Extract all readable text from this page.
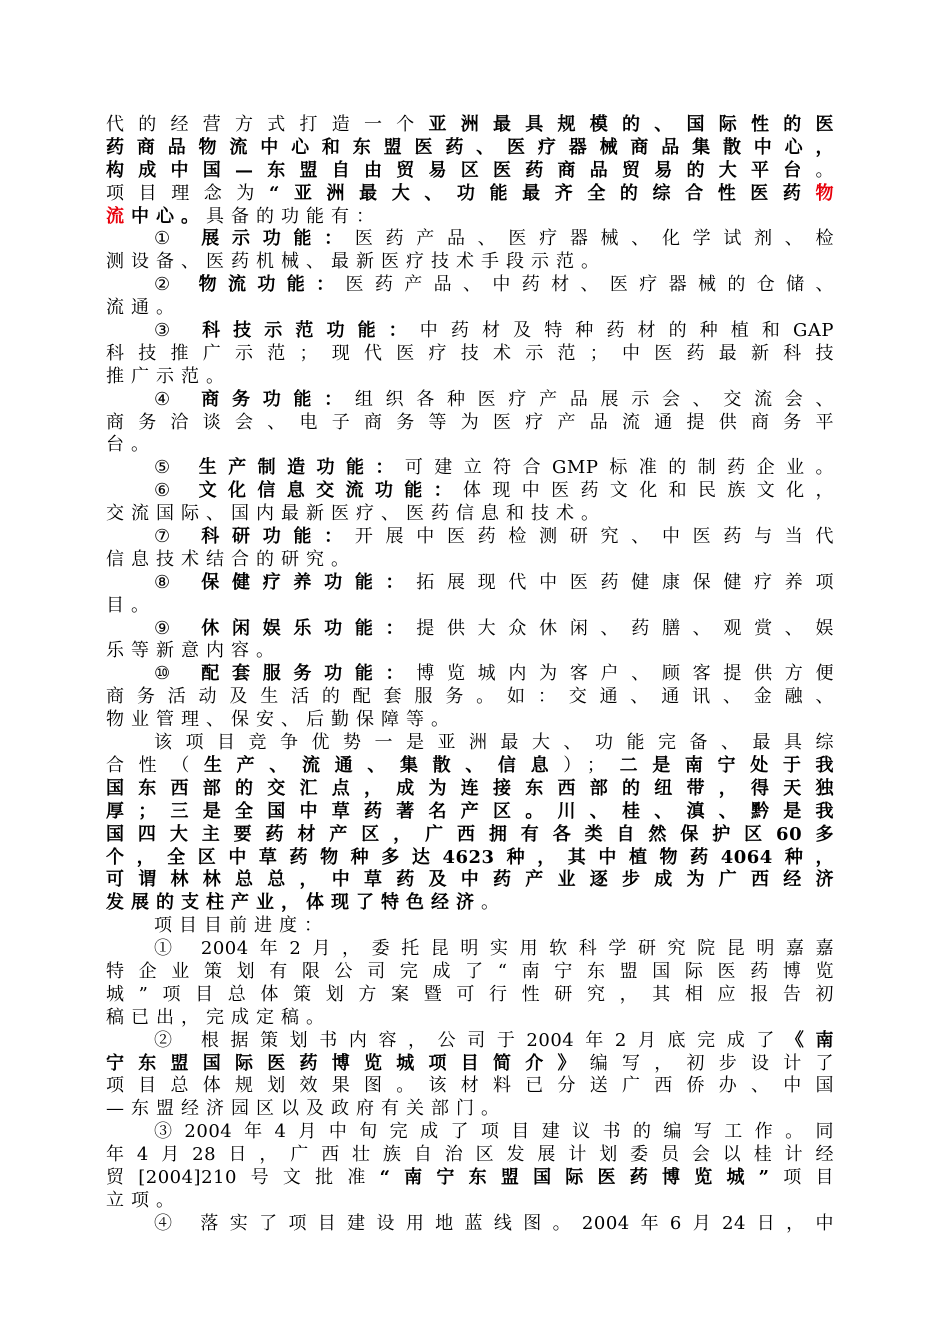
代的经营方式打造一个亚洲最具规模的、国际性的医
药商品物流中心和东盟医药、医疗器械商品集散中心，
构成中国—东盟自由贸易区医药商品贸易的大平台。
项目理念为“亚洲最大、功能最齐全的综合性医药物
流中心。具备的功能有：
① 展示功能：医药产品、医疗器械、化学试剂、检
测设备、医药机械、最新医疗技术手段示范。
② 物流功能：医药产品、中药材、医疗器械的仓储、
流通。
③ 科技示范功能：中药材及特种药材的种植和GAP
科技推广示范；现代医疗技术示范；中医药最新科技
推广示范。
④ 商务功能：组织各种医疗产品展示会、交流会、
商务洽谈会、电子商务等为医疗产品流通提供商务平
台。
⑤ 生产制造功能：可建立符合GMP标准的制药企业。
⑥ 文化信息交流功能：体现中医药文化和民族文化，
交流国际、国内最新医疗、医药信息和技术。
⑦ 科研功能：开展中医药检测研究、中医药与当代
信息技术结合的研究。
⑧ 保健疗养功能：拓展现代中医药健康保健疗养项
目。
⑨ 休闲娱乐功能：提供大众休闲、药膳、观赏、娱
乐等新意内容。
⑩ 配套服务功能：博览城内为客户、顾客提供方便
商务活动及生活的配套服务。如：交通、通讯、金融、
物业管理、保安、后勤保障等。
该项目竞争优势一是亚洲最大、功能完备、最具综
合性（生产、流通、集散、信息）；二是南宁处于我
国东西部的交汇点，成为连接东西部的纽带，得天独
厚；三是全国中草药著名产区。川、桂、滇、黔是我
国四大主要药材产区，广西拥有各类自然保护区60多
个，全区中草药物种多达4623种，其中植物药4064种，
可谓林林总总，中草药及中药产业逐步成为广西经济
发展的支柱产业，体现了特色经济。
项目目前进度：
① 2004年2月，委托昆明实用软科学研究院昆明嘉嘉
特企业策划有限公司完成了“南宁东盟国际医药博览
城”项目总体策划方案暨可行性研究，其相应报告初
稿已出，完成定稿。
② 根据策划书内容，公司于2004年2月底完成了《南
宁东盟国际医药博览城项目简介》编写，初步设计了
项目总体规划效果图。该材料已分送广西侨办、中国
—东盟经济园区以及政府有关部门。
③2004年4月中旬完成了项目建议书的编写工作。同
年4月28日，广西壮族自治区发展计划委员会以桂计经
贸[2004]210号文批准“南宁东盟国际医药博览城”项目
立项。
④ 落实了项目建设用地蓝线图。2004年6月24日，中
